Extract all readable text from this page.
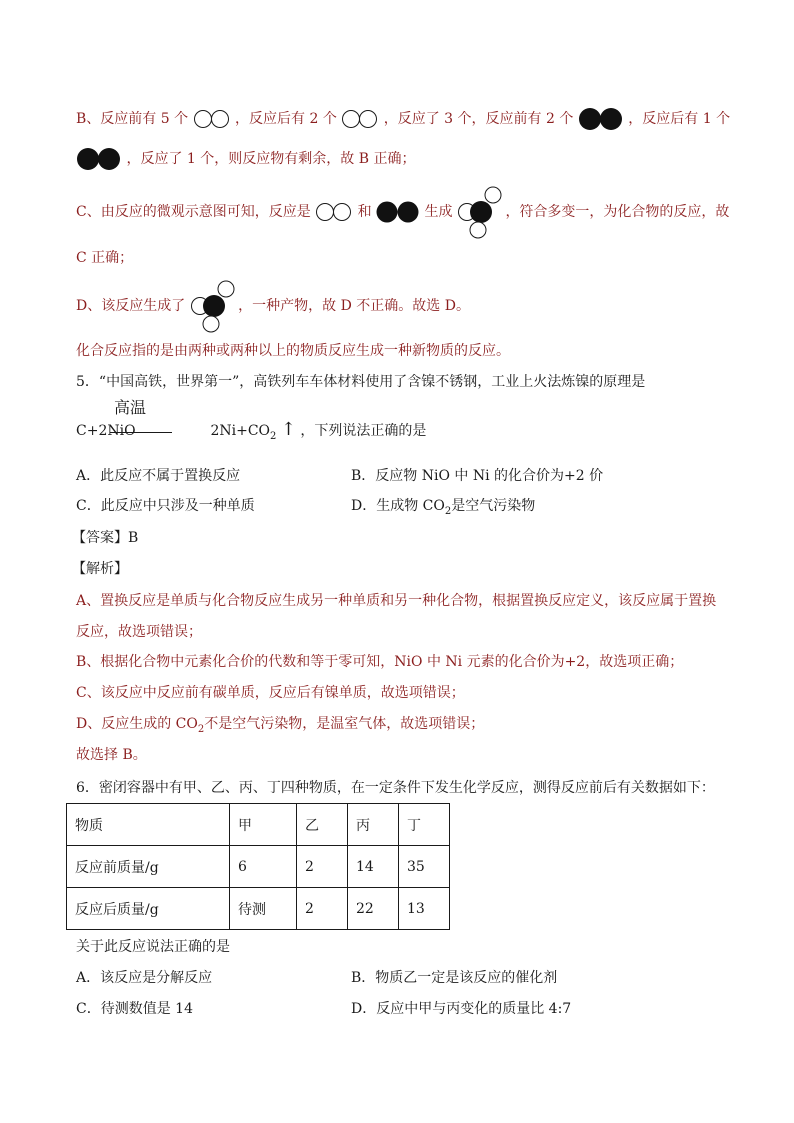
B、反应前有 5 个	，反应后有 2 个	，反应了 3 个，反应前有 2 个	，反应后有 1 个
，反应了 1 个，则反应物有剩余，故 B 正确；
C、由反应的微观示意图可知，反应是	和	生成	，符合多变一，为化合物的反应，故
C 正确；
D、该反应生成了	，一种产物，故 D 不正确。故选 D。
化合反应指的是由两种或两种以上的物质反应生成一种新物质的反应。
5．“中国高铁，世界第一”，高铁列车车体材料使用了含镍不锈钢，工业上火法炼镍的原理是
C+2NiO
高温
$2Ni+CO_2$ ↑ ，下列说法正确的是
A．此反应不属于置换反应	B．反应物 NiO 中 Ni 的化合价为+2 价
C．此反应中只涉及一种单质	D．生成物 $CO_2$是空气污染物
【答案】B
【解析】
A、置换反应是单质与化合物反应生成另一种单质和另一种化合物，根据置换反应定义，该反应属于置换
反应，故选项错误；
B、根据化合物中元素化合价的代数和等于零可知，NiO 中 Ni 元素的化合价为+2，故选项正确；
C、该反应中反应前有碳单质，反应后有镍单质，故选项错误；
D、反应生成的 $CO_2$不是空气污染物，是温室气体，故选项错误；
故选择 B。
6．密闭容器中有甲、乙、丙、丁四种物质，在一定条件下发生化学反应，测得反应前后有关数据如下：
物质	甲	乙	丙	丁
反应前质量/g	6	2	14	35
反应后质量/g	待测	2	22	13
关于此反应说法正确的是
A．该反应是分解反应	B．物质乙一定是该反应的催化剂
C．待测数值是 14	D．反应中甲与丙变化的质量比 4:7
